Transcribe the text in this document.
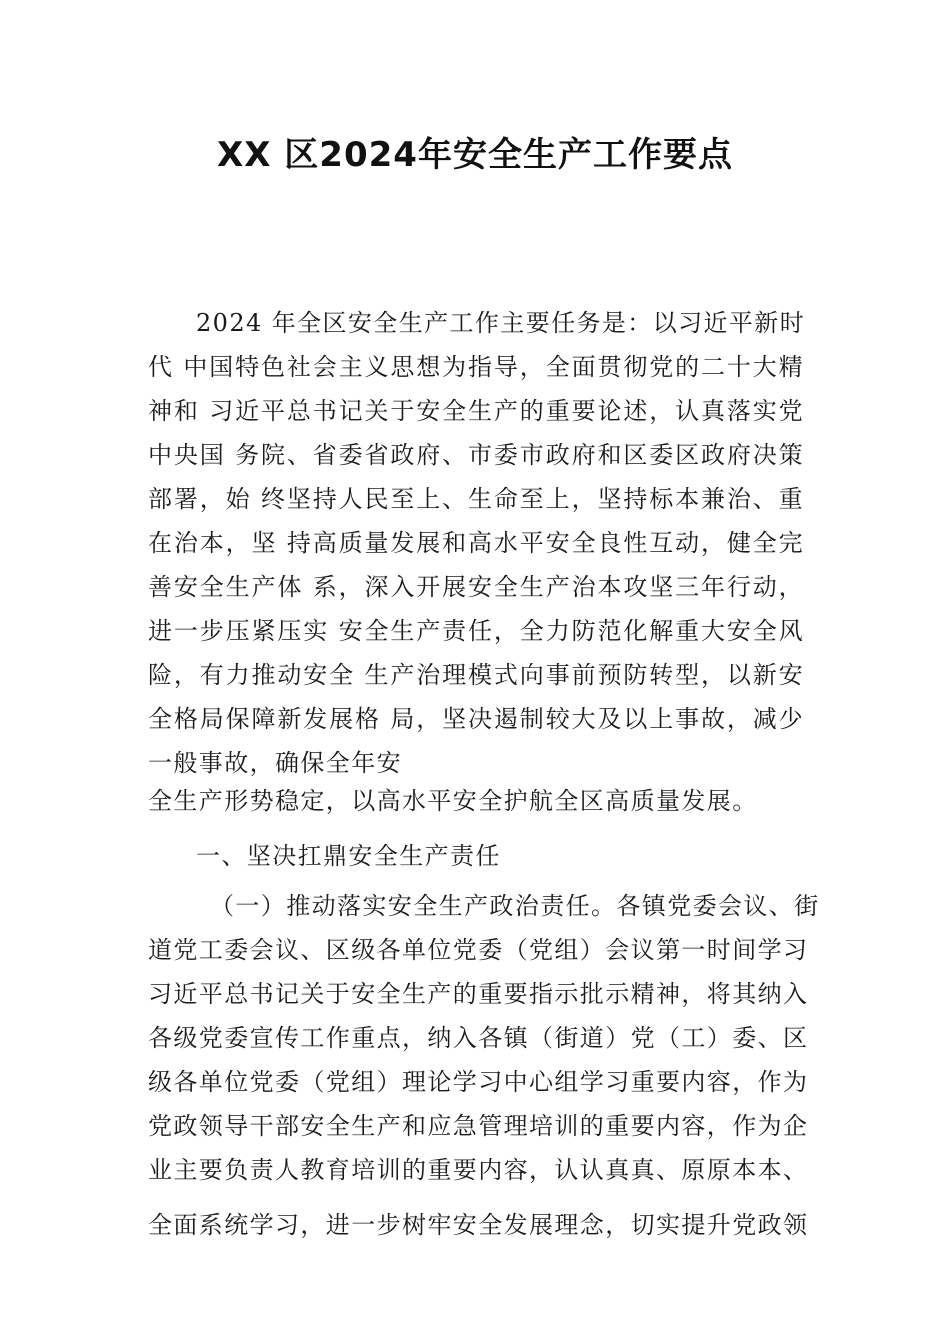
XX 区2024年安全生产工作要点
2024 年全区安全生产工作主要任务是：以习近平新时
代 中国特色社会主义思想为指导，全面贯彻党的二十大精
神和 习近平总书记关于安全生产的重要论述，认真落实党
中央国 务院、省委省政府、市委市政府和区委区政府决策
部署，始 终坚持人民至上、生命至上，坚持标本兼治、重
在治本，坚 持高质量发展和高水平安全良性互动，健全完
善安全生产体 系，深入开展安全生产治本攻坚三年行动，
进一步压紧压实 安全生产责任，全力防范化解重大安全风
险，有力推动安全 生产治理模式向事前预防转型，以新安
全格局保障新发展格 局，坚决遏制较大及以上事故，减少
一般事故，确保全年安
全生产形势稳定，以高水平安全护航全区高质量发展。
一、坚决扛鼎安全生产责任
（一）推动落实安全生产政治责任。各镇党委会议、街
道党工委会议、区级各单位党委（党组）会议第一时间学习
习近平总书记关于安全生产的重要指示批示精神，将其纳入
各级党委宣传工作重点，纳入各镇（街道）党（工）委、区
级各单位党委（党组）理论学习中心组学习重要内容，作为
党政领导干部安全生产和应急管理培训的重要内容，作为企
业主要负责人教育培训的重要内容，认认真真、原原本本、
全面系统学习，进一步树牢安全发展理念，切实提升党政领
